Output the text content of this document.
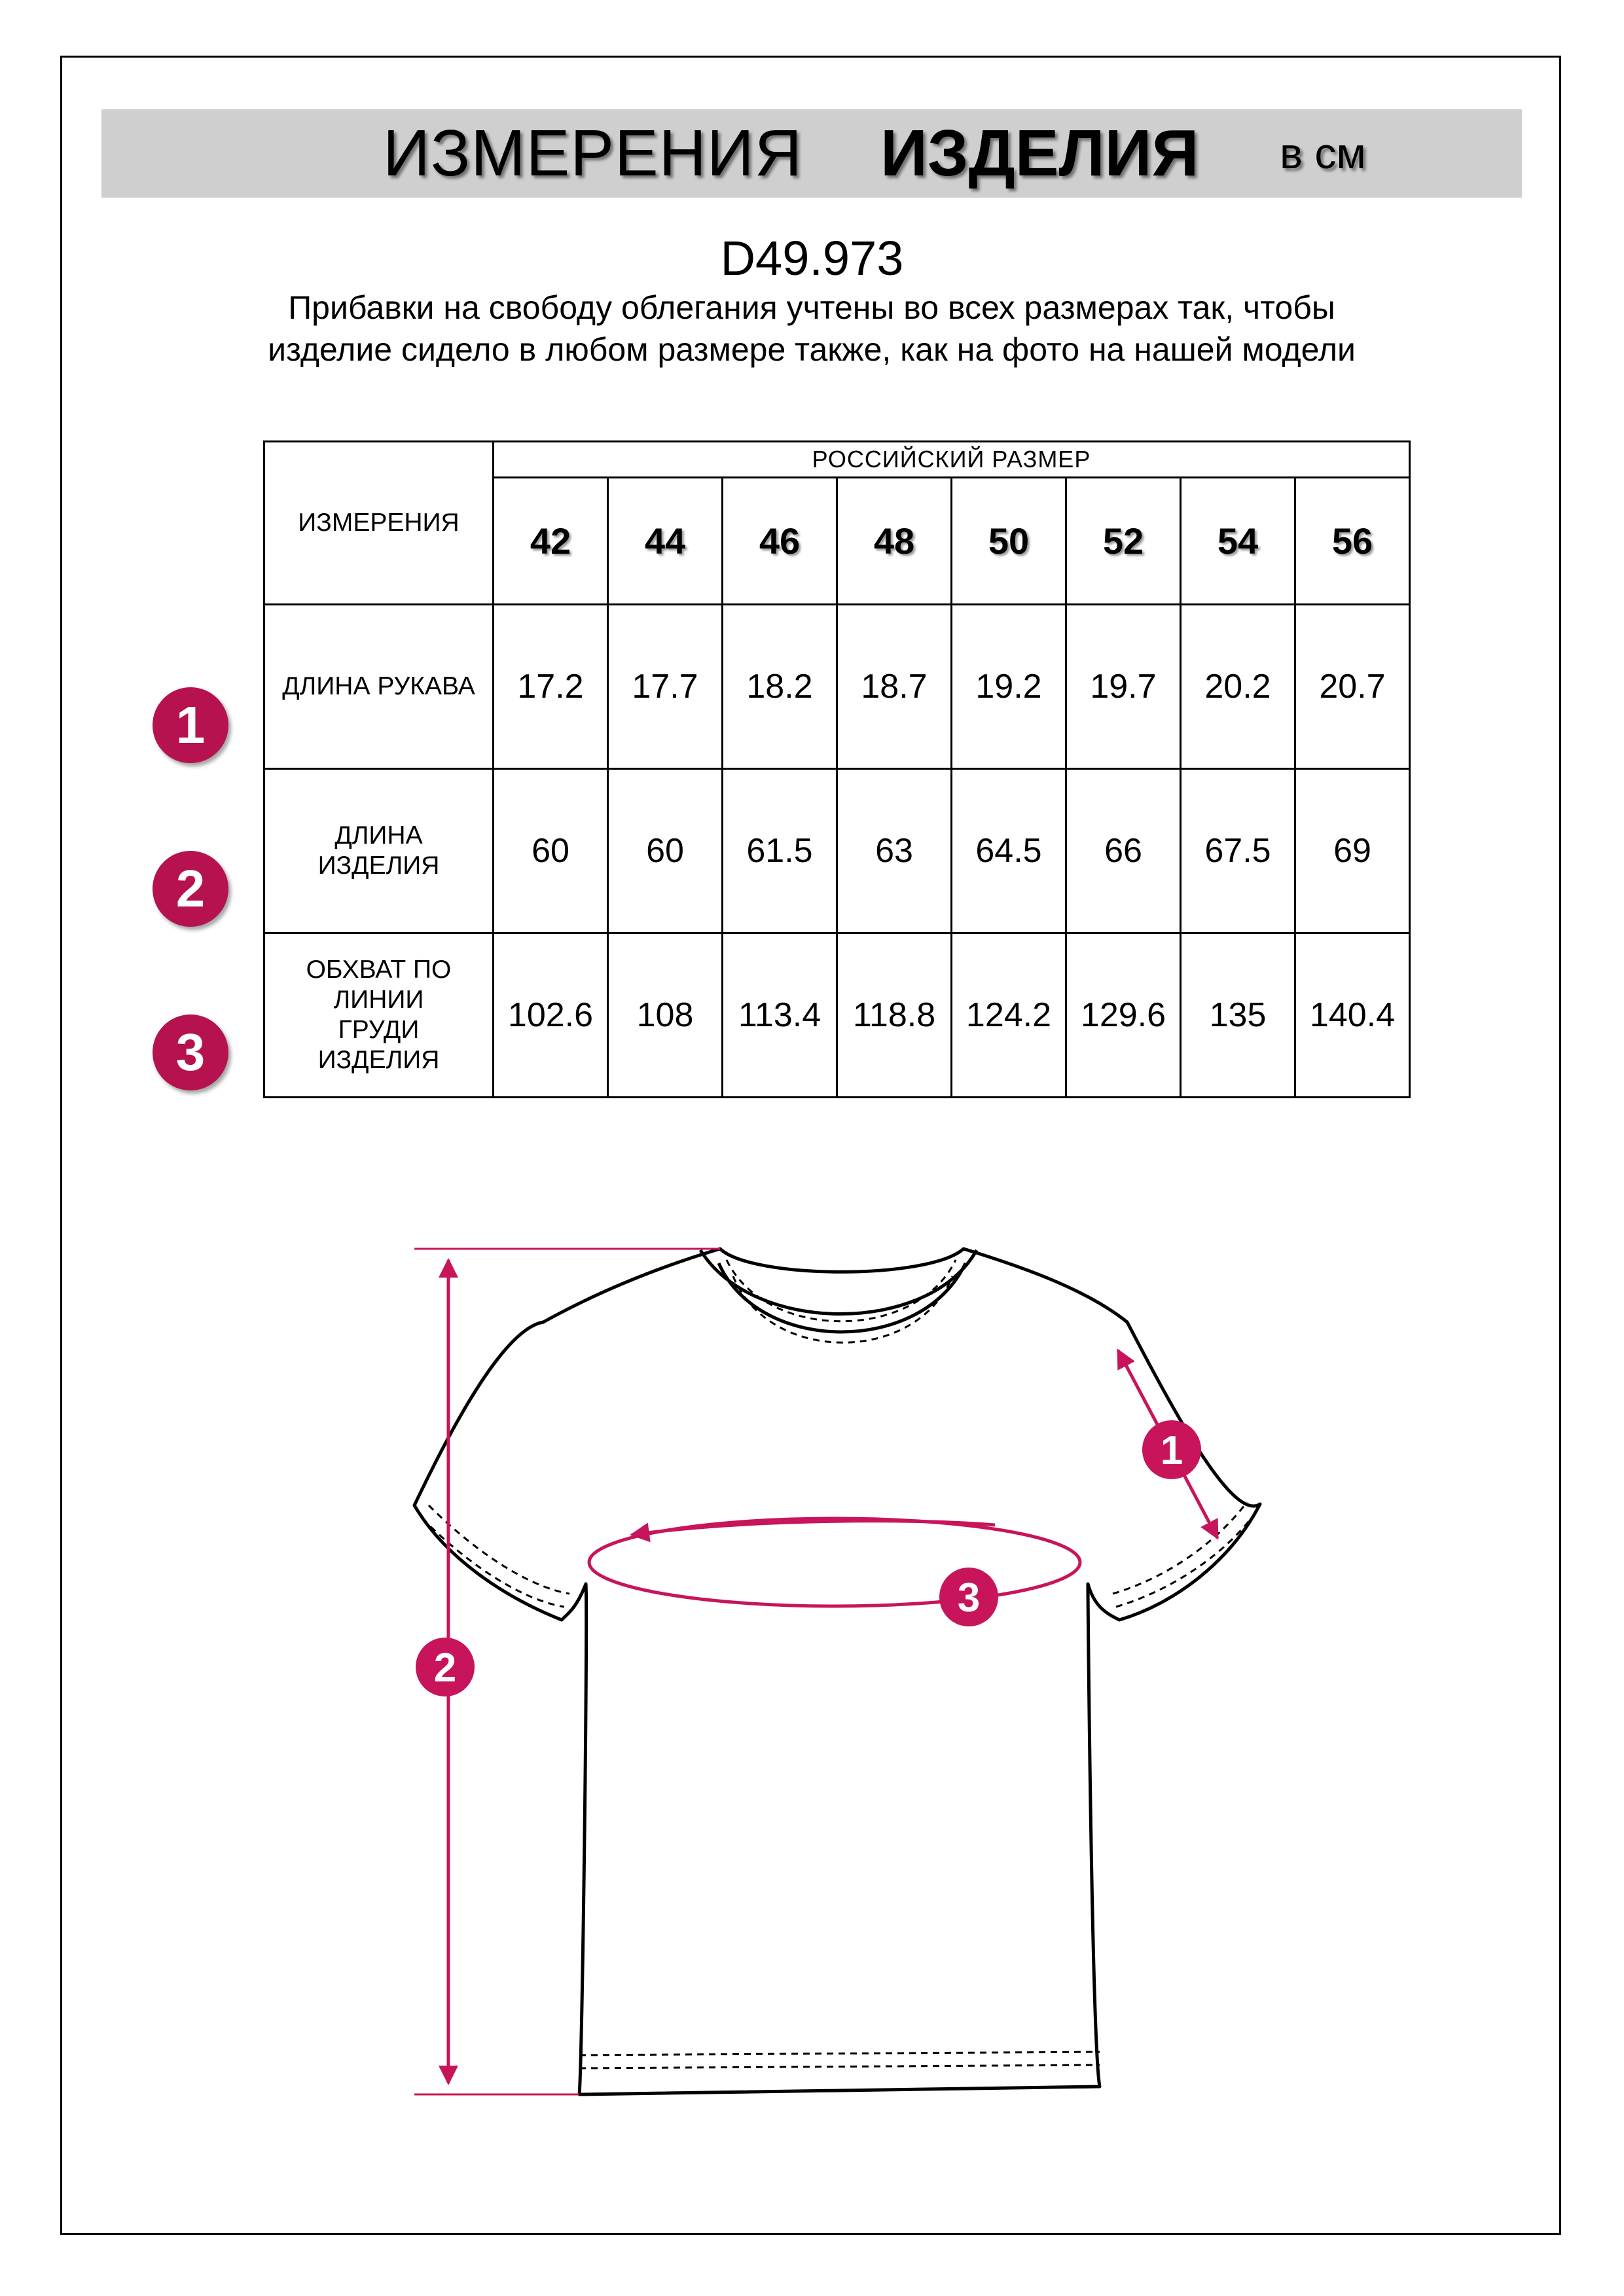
ИЗМЕРЕНИЯ ИЗДЕЛИЯ в см
D49.973
Прибавки на свободу облегания учтены во всех размерах так, чтобы изделие сидело в любом размере также, как на фото на нашей модели
ИЗМЕРЕНИЯ	РОССИЙСКИЙ РАЗМЕР							
	42	44	46	48	50	52	54	56
ДЛИНА РУКАВА	17.2	17.7	18.2	18.7	19.2	19.7	20.2	20.7
ДЛИНА ИЗДЕЛИЯ	60	60	61.5	63	64.5	66	67.5	69
ОБХВАТ ПО ЛИНИИ ГРУДИ ИЗДЕЛИЯ	102.6	108	113.4	118.8	124.2	129.6	135	140.4
1
2
3
1
2
3
